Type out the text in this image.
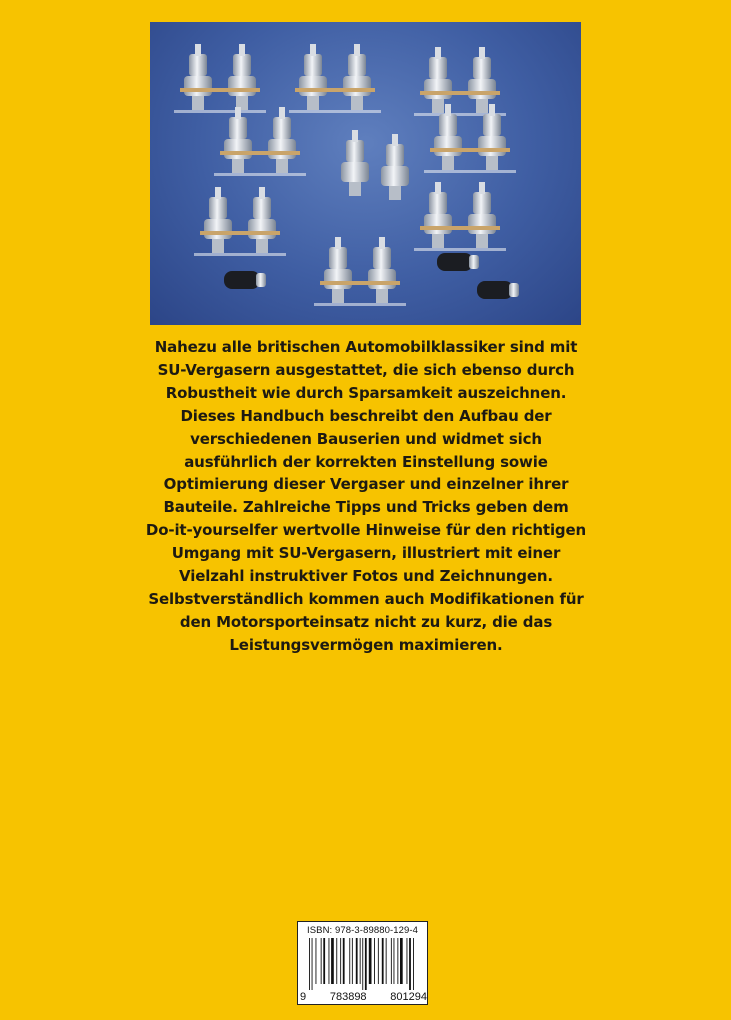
Nahezu alle britischen Automobilklassiker sind mit
SU-Vergasern ausgestattet, die sich ebenso durch
Robustheit wie durch Sparsamkeit auszeichnen.
Dieses Handbuch beschreibt den Aufbau der
verschiedenen Bauserien und widmet sich
ausführlich der korrekten Einstellung sowie
Optimierung dieser Vergaser und einzelner ihrer
Bauteile. Zahlreiche Tipps und Tricks geben dem
Do-it-yourselfer wertvolle Hinweise für den richtigen
Umgang mit SU-Vergasern, illustriert mit einer
Vielzahl instruktiver Fotos und Zeichnungen.
Selbstverständlich kommen auch Modifikationen für
den Motorsporteinsatz nicht zu kurz, die das
Leistungsvermögen maximieren.

ISBN: 978-3-89880-129-4
9 783898 801294
